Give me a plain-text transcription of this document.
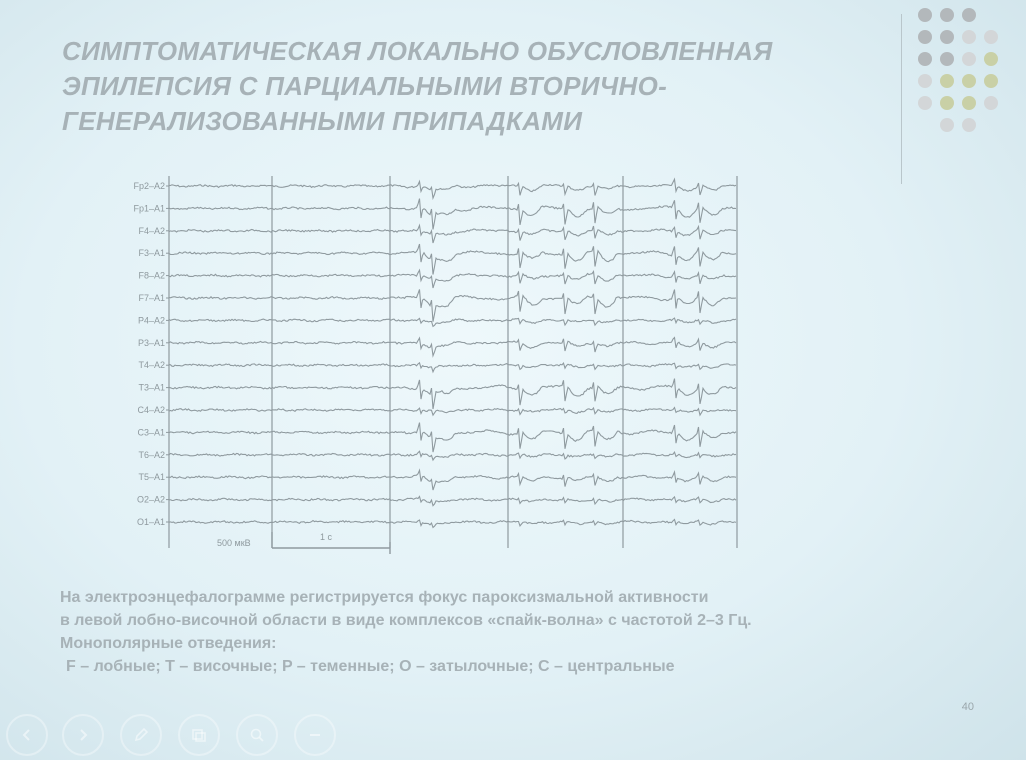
СИМПТОМАТИЧЕСКАЯ ЛОКАЛЬНО ОБУСЛОВЛЕННАЯ
ЭПИЛЕПСИЯ С ПАРЦИАЛЬНЫМИ ВТОРИЧНО-
ГЕНЕРАЛИЗОВАННЫМИ ПРИПАДКАМИ
Fp2–A2
Fp1–A1
F4–A2
F3–A1
F8–A2
F7–A1
P4–A2
P3–A1
T4–A2
T3–A1
C4–A2
C3–A1
T6–A2
T5–A1
O2–A2
O1–A1
500 мкВ
1 с

На электроэнцефалограмме регистрируется фокус пароксизмальной активности
в левой лобно-височной области в виде комплексов «спайк-волна» с частотой 2–3 Гц.
Монополярные отведения:
F – лобные; T – височные; P – теменные; O – затылочные; C – центральные

40
